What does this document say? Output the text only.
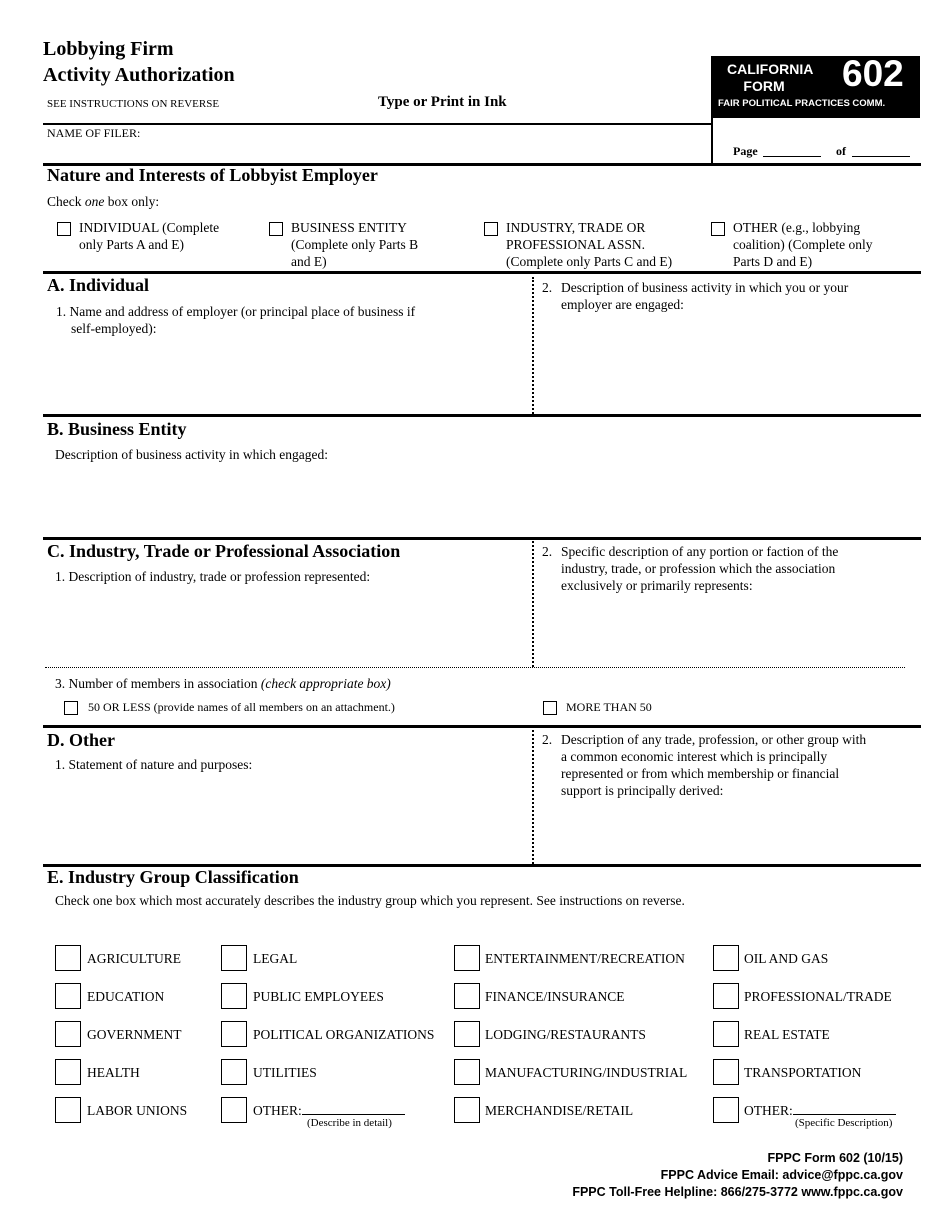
Lobbying Firm
Activity Authorization
SEE INSTRUCTIONS ON REVERSE	Type or Print in Ink
CALIFORNIA
FORM	602
FAIR POLITICAL PRACTICES COMM.
NAME OF FILER:
Page	of
Nature and Interests of Lobbyist Employer
Check one box only:
INDIVIDUAL (Complete
only Parts A and E)
BUSINESS ENTITY
(Complete only Parts B
and E)
INDUSTRY, TRADE OR
PROFESSIONAL ASSN.
(Complete only Parts C and E)
OTHER (e.g., lobbying
coalition) (Complete only
Parts D and E)
A. Individual
1. Name and address of employer (or principal place of business if
self-employed):
2. Description of business activity in which you or your
employer are engaged:
B. Business Entity
Description of business activity in which engaged:
C. Industry, Trade or Professional Association
1. Description of industry, trade or profession represented:
2. Specific description of any portion or faction of the
industry, trade, or profession which the association
exclusively or primarily represents:
3. Number of members in association (check appropriate box)
50 OR LESS (provide names of all members on an attachment.)	MORE THAN 50
D. Other
1. Statement of nature and purposes:
2. Description of any trade, profession, or other group with
a common economic interest which is principally
represented or from which membership or financial
support is principally derived:
E. Industry Group Classification
Check one box which most accurately describes the industry group which you represent. See instructions on reverse.
AGRICULTURE
EDUCATION
GOVERNMENT
HEALTH
LABOR UNIONS
LEGAL
PUBLIC EMPLOYEES
POLITICAL ORGANIZATIONS
UTILITIES
OTHER:
(Describe in detail)
ENTERTAINMENT/RECREATION
FINANCE/INSURANCE
LODGING/RESTAURANTS
MANUFACTURING/INDUSTRIAL
MERCHANDISE/RETAIL
OIL AND GAS
PROFESSIONAL/TRADE
REAL ESTATE
TRANSPORTATION
OTHER:
(Specific Description)
FPPC Form 602 (10/15)
FPPC Advice Email: advice@fppc.ca.gov
FPPC Toll-Free Helpline: 866/275-3772 www.fppc.ca.gov
